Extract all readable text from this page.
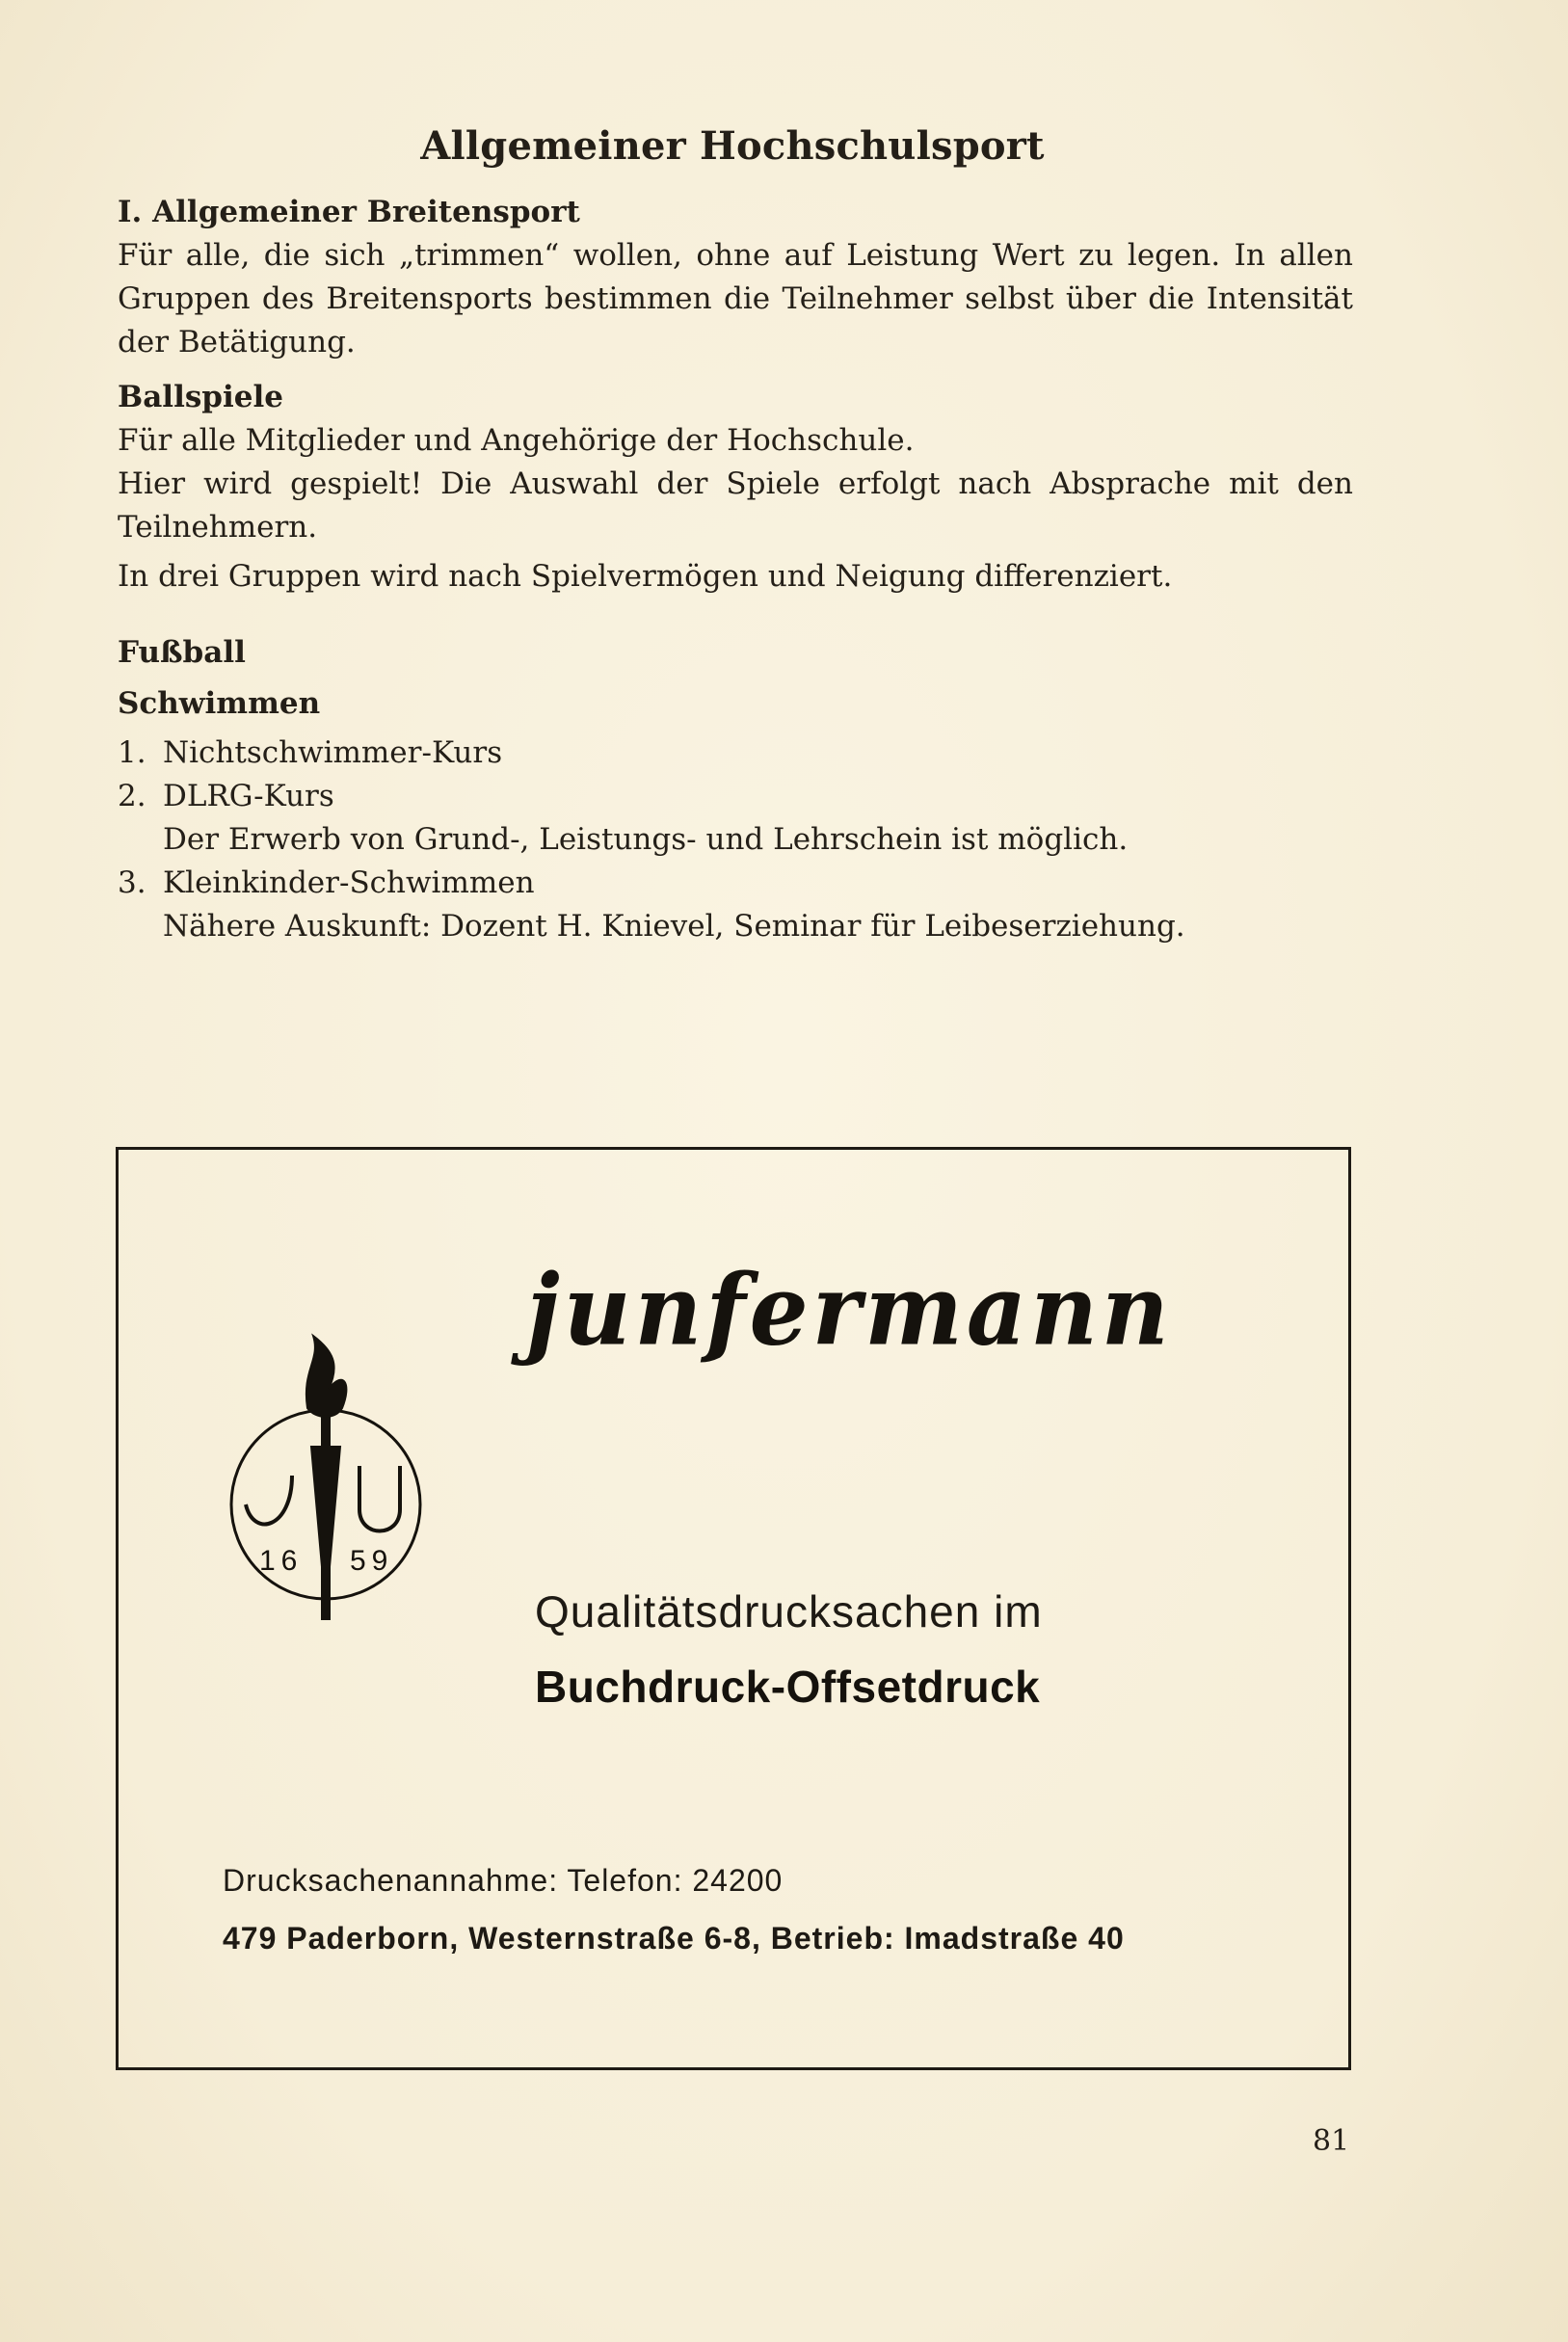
Allgemeiner Hochschulsport
I. Allgemeiner Breitensport

Für alle, die sich „trimmen“ wollen, ohne auf Leistung Wert zu legen. In allen Gruppen des Breitensports bestimmen die Teilnehmer selbst über die Intensität der Betätigung.

Ballspiele

Für alle Mitglieder und Angehörige der Hochschule.

Hier wird gespielt! Die Auswahl der Spiele erfolgt nach Absprache mit den Teilnehmern.

In drei Gruppen wird nach Spielvermögen und Neigung differenziert.

Fußball
Schwimmen
1. Nichtschwimmer-Kurs
2. DLRG-Kurs
Der Erwerb von Grund-, Leistungs- und Lehrschein ist möglich.
3. Kleinkinder-Schwimmen
Nähere Auskunft: Dozent H. Knievel, Seminar für Leibeserziehung.
16 59
junfermann
Qualitätsdrucksachen im
Buchdruck-Offsetdruck
Drucksachenannahme: Telefon: 24200
479 Paderborn, Westernstraße 6-8, Betrieb: Imadstraße 40
81
